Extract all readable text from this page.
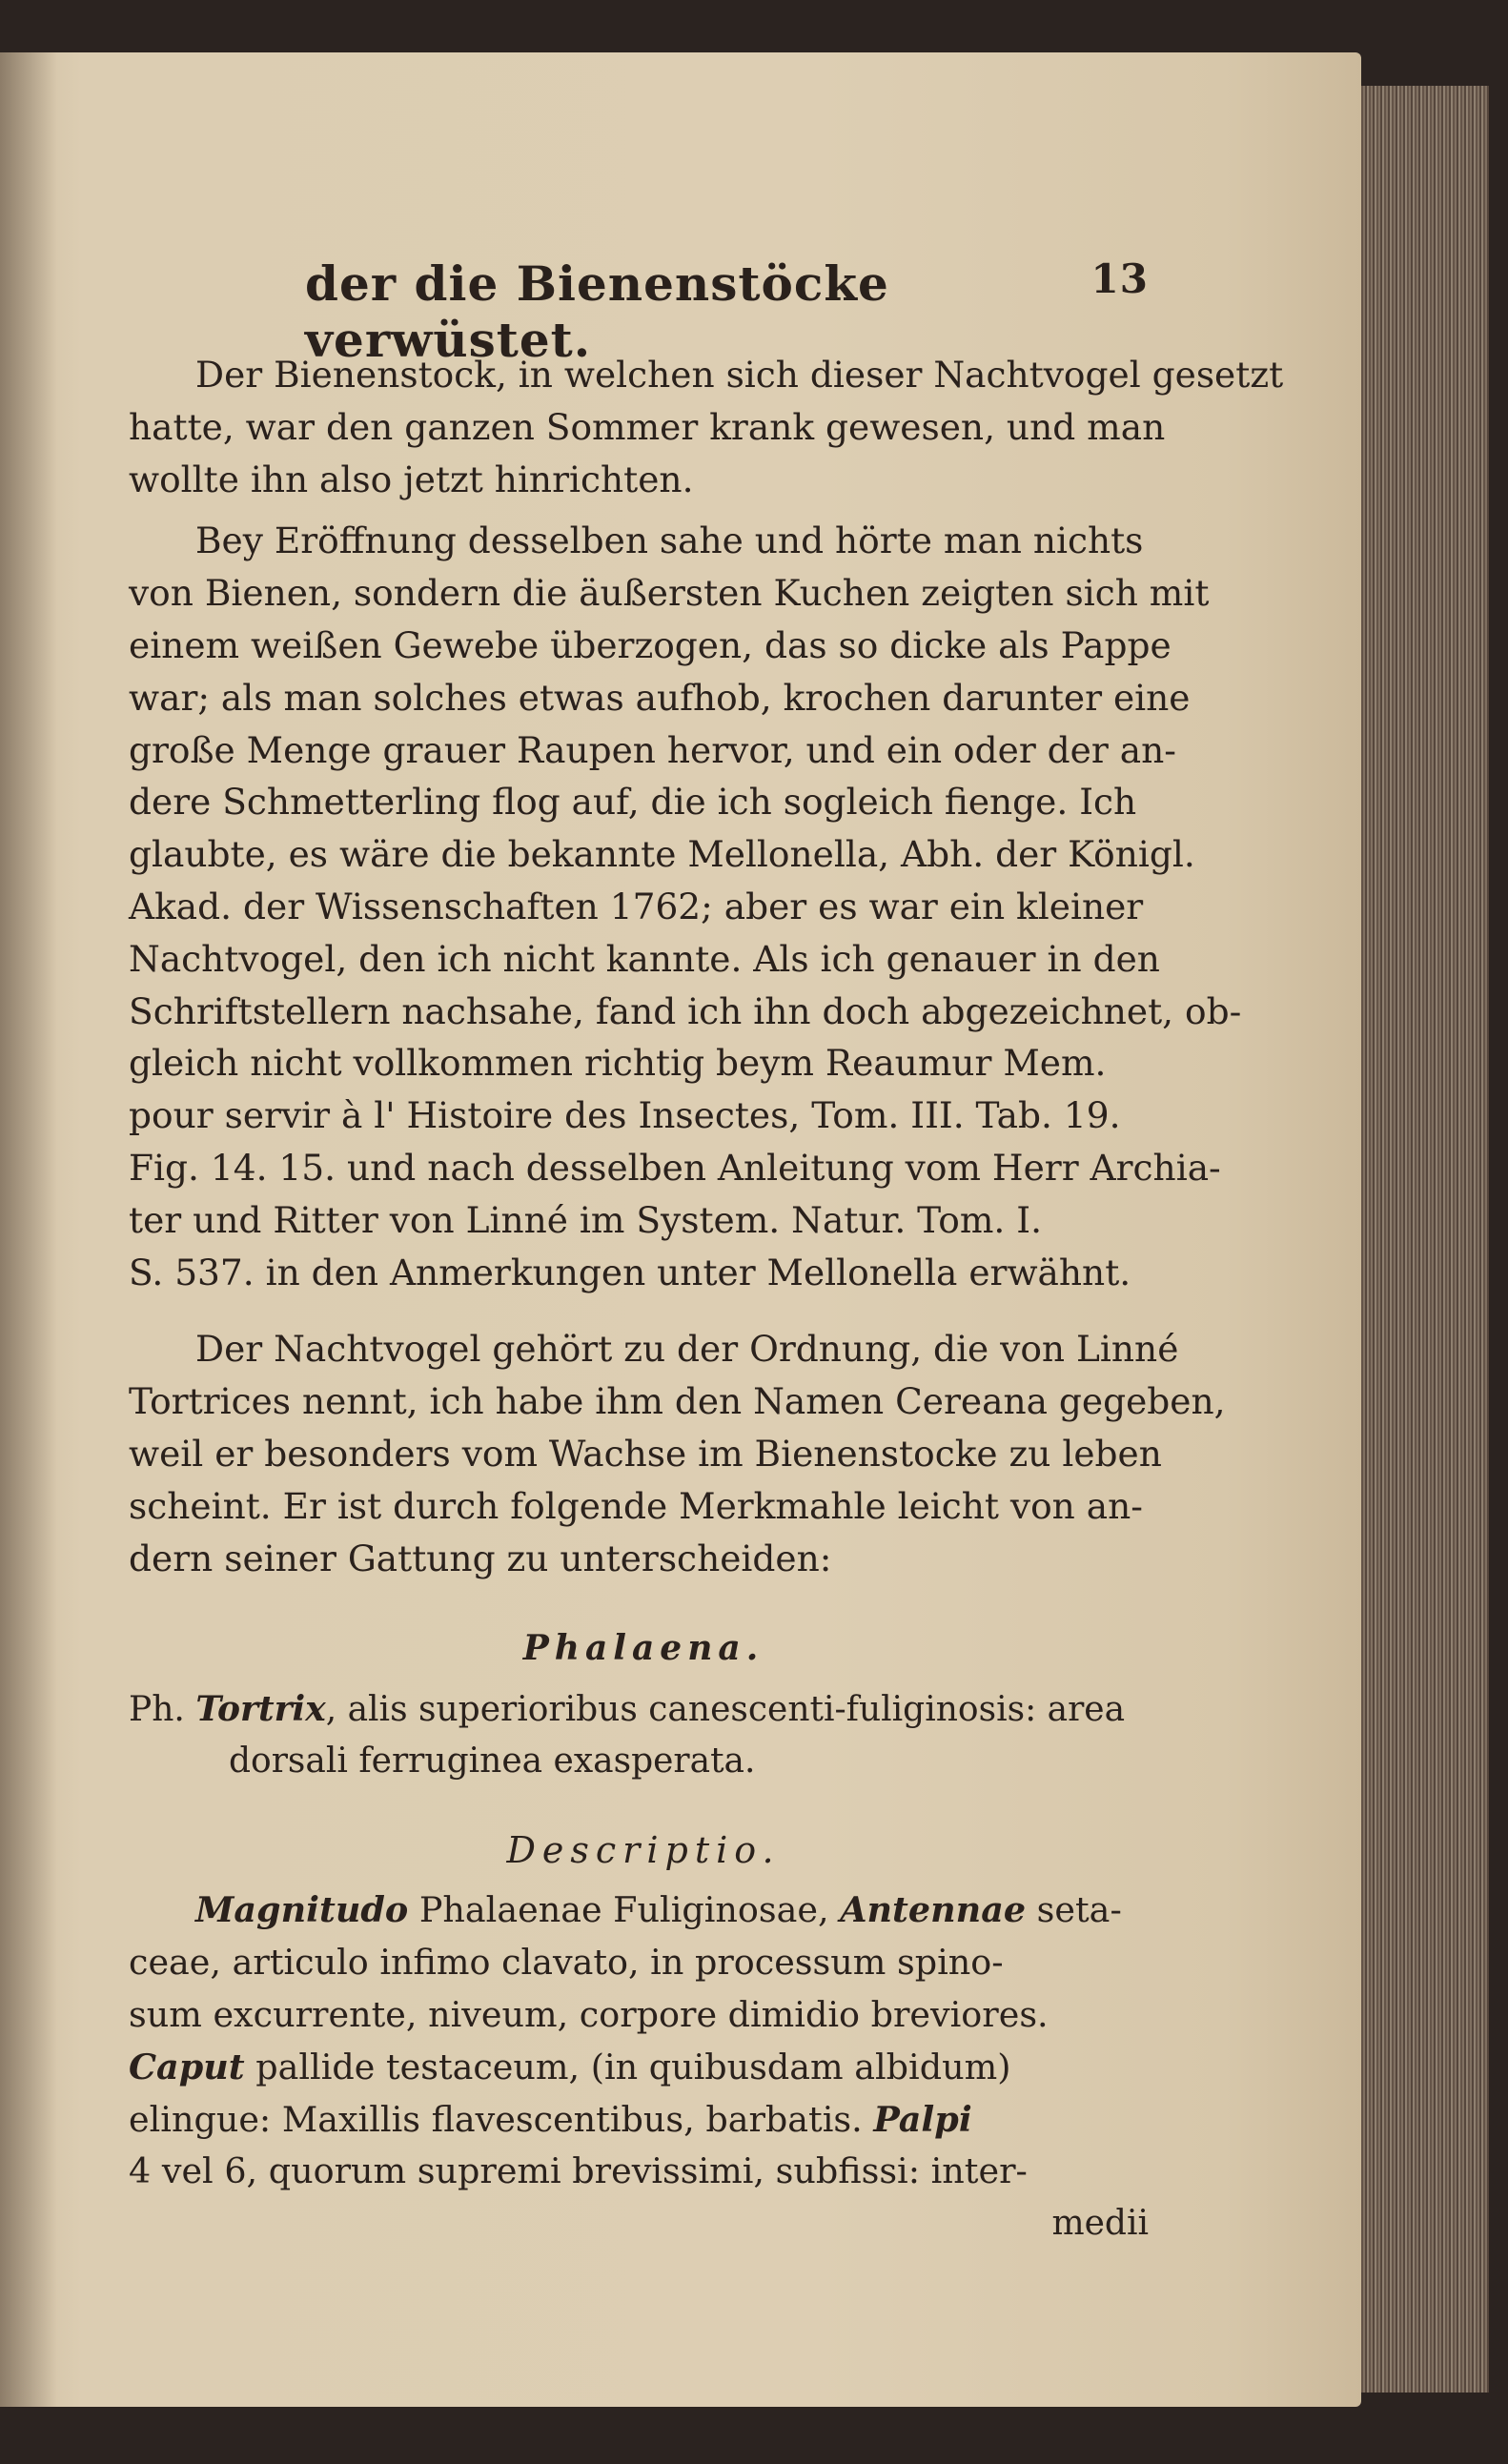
der die Bienenstöcke verwüstet.
13

Der Bienenstock, in welchen sich dieser Nachtvogel gesetzt
hatte, war den ganzen Sommer krank gewesen, und man
wollte ihn also jetzt hinrichten.

Bey Eröffnung desselben sahe und hörte man nichts
von Bienen, sondern die äußersten Kuchen zeigten sich mit
einem weißen Gewebe überzogen, das so dicke als Pappe
war; als man solches etwas aufhob, krochen darunter eine
große Menge grauer Raupen hervor, und ein oder der an-
dere Schmetterling flog auf, die ich sogleich fienge. Ich
glaubte, es wäre die bekannte Mellonella, Abh. der Königl.
Akad. der Wissenschaften 1762; aber es war ein kleiner
Nachtvogel, den ich nicht kannte. Als ich genauer in den
Schriftstellern nachsahe, fand ich ihn doch abgezeichnet, ob-
gleich nicht vollkommen richtig beym Reaumur Mem.
pour servir à l' Histoire des Insectes, Tom. III. Tab. 19.
Fig. 14. 15. und nach desselben Anleitung vom Herr Archia-
ter und Ritter von Linné im System. Natur. Tom. I.
S. 537. in den Anmerkungen unter Mellonella erwähnt.

Der Nachtvogel gehört zu der Ordnung, die von Linné
Tortrices nennt, ich habe ihm den Namen Cereana gegeben,
weil er besonders vom Wachse im Bienenstocke zu leben
scheint. Er ist durch folgende Merkmahle leicht von an-
dern seiner Gattung zu unterscheiden:

Phalaena.
Ph. Tortrix, alis superioribus canescenti-fuliginosis: area
dorsali ferruginea exasperata.
Descriptio.

Magnitudo Phalaenae Fuliginosae, Antennae seta-
ceae, articulo infimo clavato, in processum spino-
sum excurrente, niveum, corpore dimidio breviores.
Caput pallide testaceum, (in quibusdam albidum)
elingue: Maxillis flavescentibus, barbatis. Palpi
4 vel 6, quorum supremi brevissimi, subfissi: inter-

medii
